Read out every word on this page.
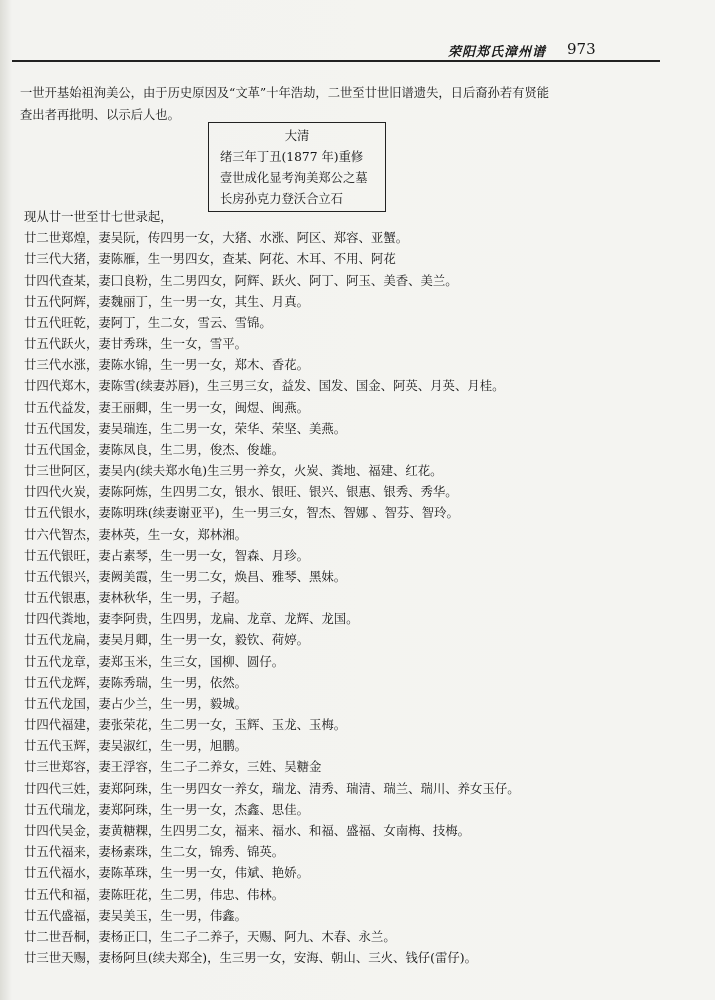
荣阳郑氏漳州谱 973

一世开基始祖洵美公，由于历史原因及“文革”十年浩劫，二世至廿世旧谱遗失，日后裔孙若有贤能

查出者再批明、以示后人也。

大清
绪三年丁丑(1877 年)重修
壹世成化显考洵美郑公之墓
长房孙克力登沃合立石
现从廿一世至廿七世录起，
廿二世郑煌，妻吴阮，传四男一女，大猪、水涨、阿区、郑容、亚蟹。
廿三代大猪，妻陈雁，生一男四女，查某、阿花、木耳、不用、阿花
廿四代查某，妻囗良粉，生二男四女，阿辉、跃火、阿丁、阿玉、美香、美兰。
廿五代阿辉，妻魏丽丁，生一男一女，其生、月真。
廿五代旺乾，妻阿丁，生二女，雪云、雪锦。
廿五代跃火，妻甘秀珠，生一女，雪平。
廿三代水涨，妻陈水锦，生一男一女，郑木、香花。
廿四代郑木，妻陈雪(续妻苏唇)，生三男三女，益发、国发、国金、阿英、月英、月桂。
廿五代益发，妻王丽卿，生一男一女，闽煜、闽燕。
廿五代国发，妻吴瑞连，生二男一女，荣华、荣坚、美燕。
廿五代国金，妻陈凤良，生二男，俊杰、俊雄。
廿三世阿区，妻吴内(续夫郑水龟)生三男一养女，火炭、粪地、福建、红花。
廿四代火炭，妻陈阿炼，生四男二女，银水、银旺、银兴、银惠、银秀、秀华。
廿五代银水，妻陈明珠(续妻谢亚平)，生一男三女，智杰、智娜 、智芬、智玲。
廿六代智杰，妻林英，生一女，郑林湘。
廿五代银旺，妻占素琴，生一男一女，智森、月珍。
廿五代银兴，妻阙美霞，生一男二女，焕昌、雅琴、黑妹。
廿五代银惠，妻林秋华，生一男，子超。
廿四代粪地，妻李阿贵，生四男，龙扁、龙章、龙辉、龙国。
廿五代龙扁，妻吴月卿，生一男一女，毅钦、荷婷。
廿五代龙章，妻郑玉米，生三女，国柳、圆仔。
廿五代龙辉，妻陈秀瑞，生一男，依然。
廿五代龙国，妻占少兰，生一男，毅城。
廿四代福建，妻张荣花，生二男一女，玉辉、玉龙、玉梅。
廿五代玉辉，妻吴淑红，生一男，旭鹏。
廿三世郑容，妻王浮容，生二子二养女，三姓、吴糖金
廿四代三姓，妻郑阿珠，生一男四女一养女，瑞龙、清秀、瑞清、瑞兰、瑞川、养女玉仔。
廿五代瑞龙，妻郑阿珠，生一男一女，杰鑫、思佳。
廿四代吴金，妻黄糖粿，生四男二女，福来、福水、和福、盛福、女南梅、技梅。
廿五代福来，妻杨素珠，生二女，锦秀、锦英。
廿五代福水，妻陈革珠，生一男一女，伟斌、艳娇。
廿五代和福，妻陈旺花，生二男，伟忠、伟林。
廿五代盛福，妻吴美玉，生一男，伟鑫。
廿二世吾桐，妻杨正囗，生二子二养子，天赐、阿九、木春、永兰。
廿三世天赐，妻杨阿旦(续夫郑全)，生三男一女，安海、朝山、三火、钱仔(雷仔)。
